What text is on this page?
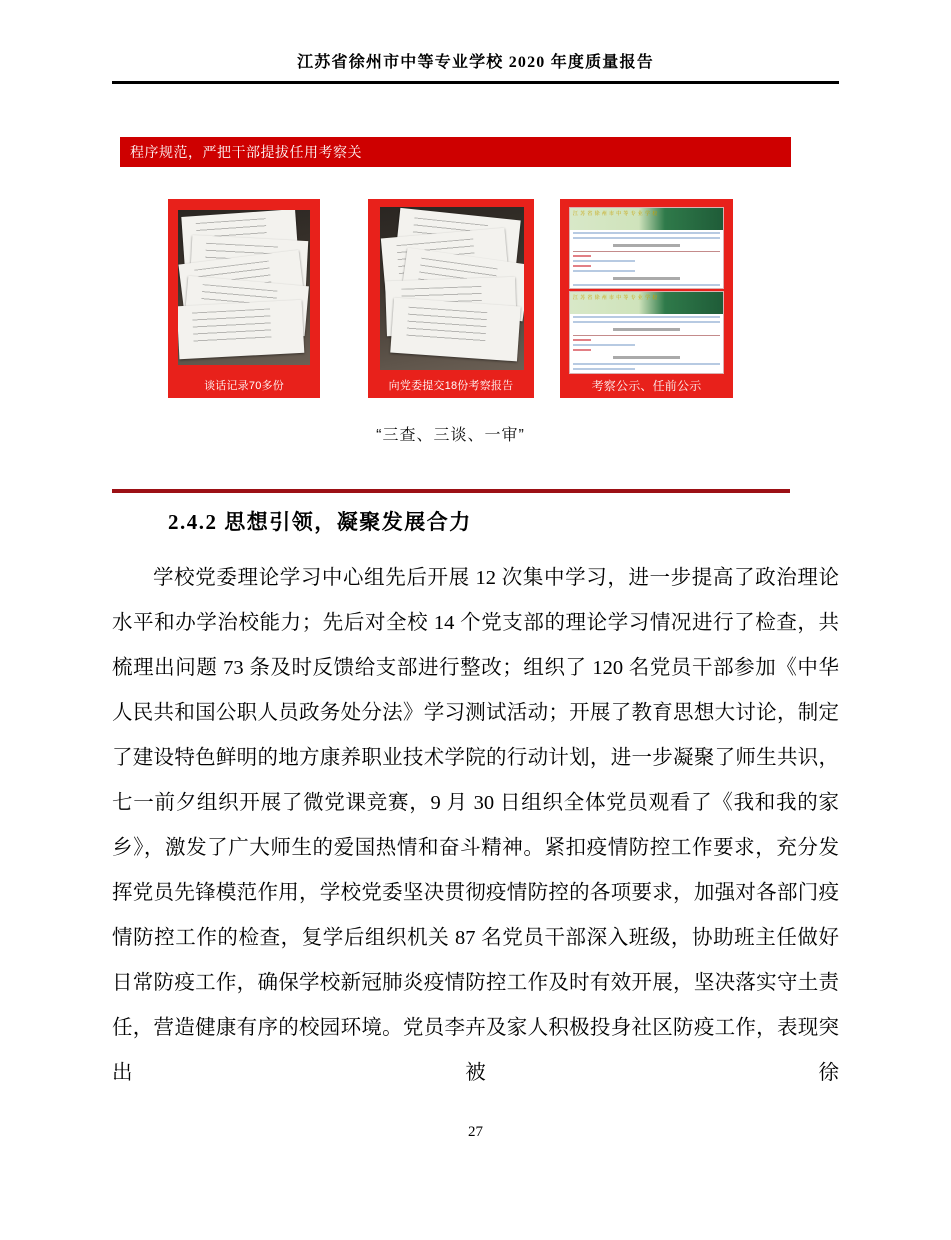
江苏省徐州市中等专业学校 2020 年度质量报告
程序规范，严把干部提拔任用考察关
谈话记录70多份	向党委提交18份考察报告
江苏省徐州市中等专业学校
江苏省徐州市中等专业学校
考察公示、任前公示
“三查、三谈、一审”
2.4.2 思想引领，凝聚发展合力

学校党委理论学习中心组先后开展 12 次集中学习，进一步提高了政治理论水平和办学治校能力；先后对全校 14 个党支部的理论学习情况进行了检查，共梳理出问题 73 条及时反馈给支部进行整改；组织了 120 名党员干部参加《中华人民共和国公职人员政务处分法》学习测试活动；开展了教育思想大讨论，制定了建设特色鲜明的地方康养职业技术学院的行动计划，进一步凝聚了师生共识，七一前夕组织开展了微党课竞赛，9 月 30 日组织全体党员观看了《我和我的家乡》，激发了广大师生的爱国热情和奋斗精神。紧扣疫情防控工作要求，充分发挥党员先锋模范作用，学校党委坚决贯彻疫情防控的各项要求，加强对各部门疫情防控工作的检查，复学后组织机关 87 名党员干部深入班级，协助班主任做好日常防疫工作，确保学校新冠肺炎疫情防控工作及时有效开展，坚决落实守土责任，营造健康有序的校园环境。党员李卉及家人积极投身社区防疫工作，表现突出被徐

27
